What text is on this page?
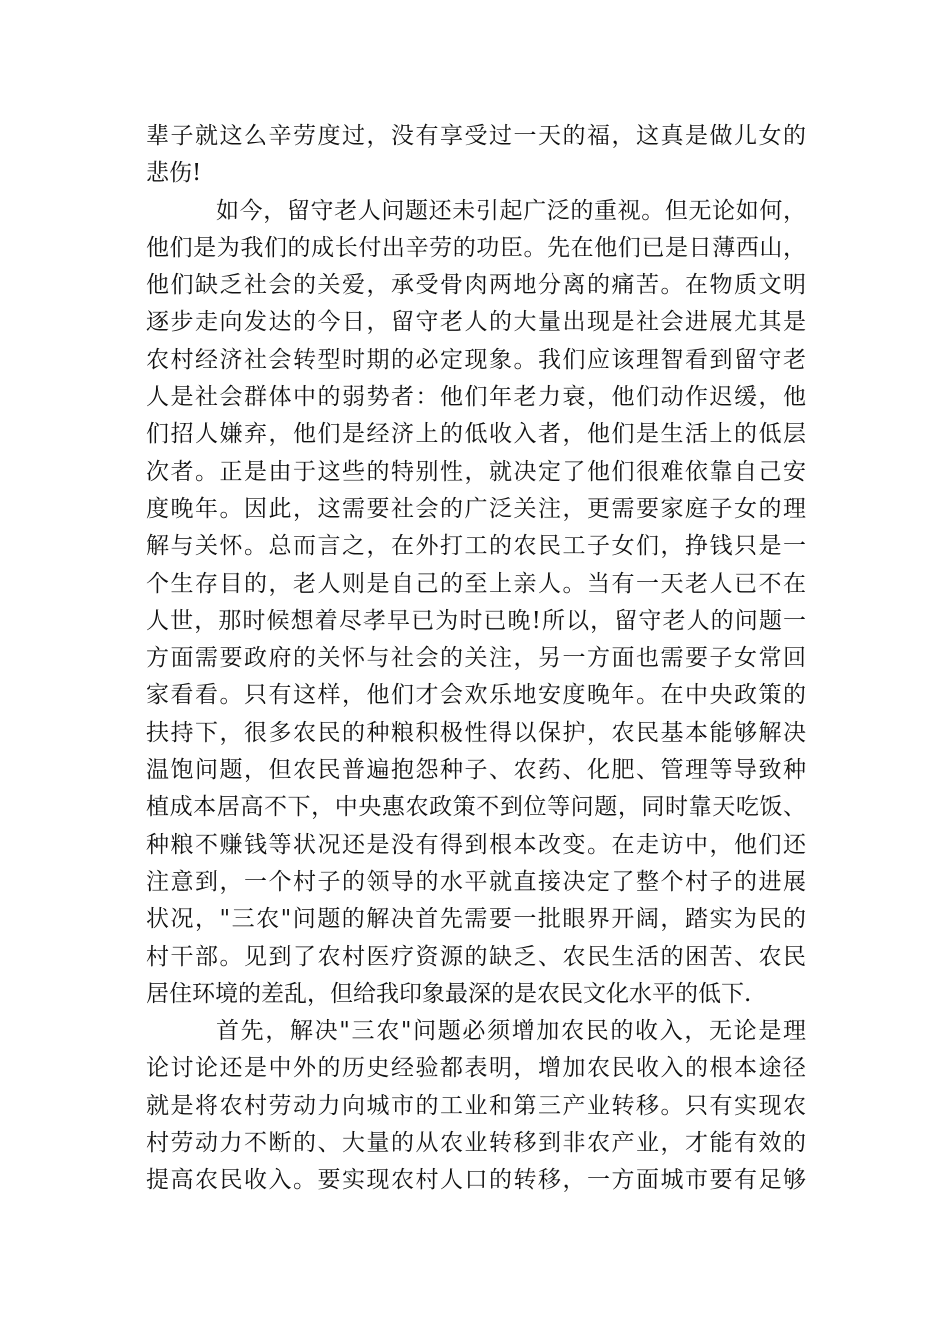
辈子就这么辛劳度过，没有享受过一天的福，这真是做儿女的
悲伤!
如今，留守老人问题还未引起广泛的重视。但无论如何，
他们是为我们的成长付出辛劳的功臣。先在他们已是日薄西山，
他们缺乏社会的关爱，承受骨肉两地分离的痛苦。在物质文明
逐步走向发达的今日，留守老人的大量出现是社会进展尤其是
农村经济社会转型时期的必定现象。我们应该理智看到留守老
人是社会群体中的弱势者：他们年老力衰，他们动作迟缓，他
们招人嫌弃，他们是经济上的低收入者，他们是生活上的低层
次者。正是由于这些的特别性，就决定了他们很难依靠自己安
度晚年。因此，这需要社会的广泛关注，更需要家庭子女的理
解与关怀。总而言之，在外打工的农民工子女们，挣钱只是一
个生存目的，老人则是自己的至上亲人。当有一天老人已不在
人世，那时候想着尽孝早已为时已晚!所以，留守老人的问题一
方面需要政府的关怀与社会的关注，另一方面也需要子女常回
家看看。只有这样，他们才会欢乐地安度晚年。在中央政策的
扶持下，很多农民的种粮积极性得以保护，农民基本能够解决
温饱问题，但农民普遍抱怨种子、农药、化肥、管理等导致种
植成本居高不下，中央惠农政策不到位等问题，同时靠天吃饭、
种粮不赚钱等状况还是没有得到根本改变。在走访中，他们还
注意到，一个村子的领导的水平就直接决定了整个村子的进展
状况，"三农"问题的解决首先需要一批眼界开阔，踏实为民的
村干部。见到了农村医疗资源的缺乏、农民生活的困苦、农民
居住环境的差乱，但给我印象最深的是农民文化水平的低下.
首先，解决"三农"问题必须增加农民的收入，无论是理
论讨论还是中外的历史经验都表明，增加农民收入的根本途径
就是将农村劳动力向城市的工业和第三产业转移。只有实现农
村劳动力不断的、大量的从农业转移到非农产业，才能有效的
提高农民收入。要实现农村人口的转移，一方面城市要有足够
